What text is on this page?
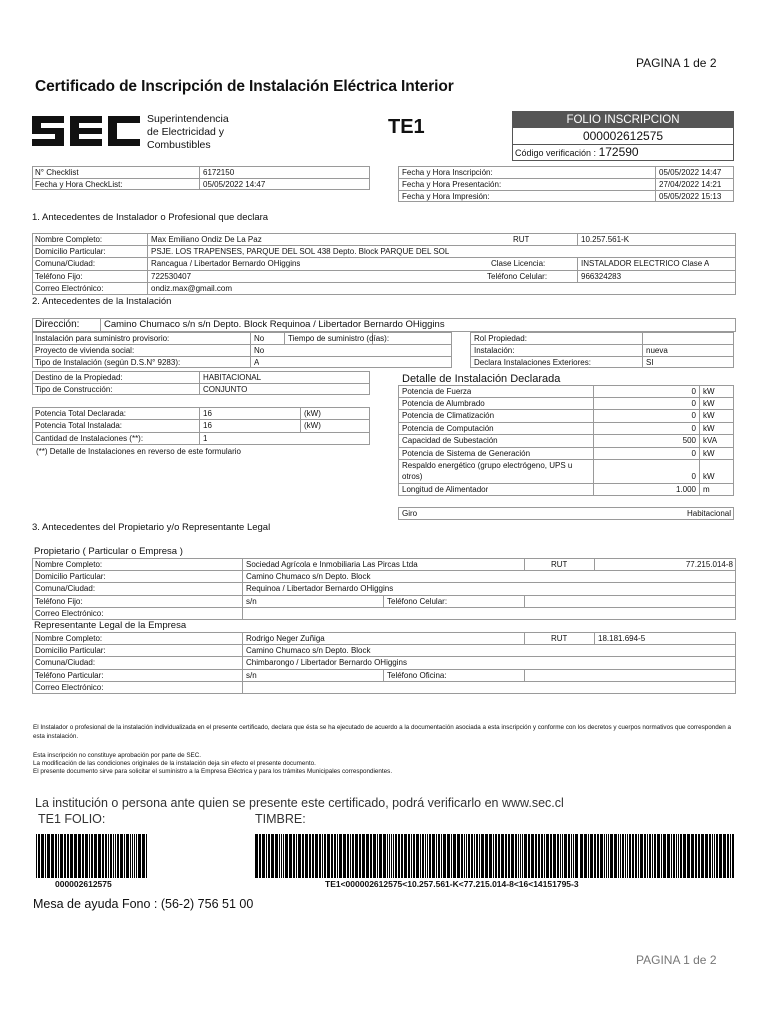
PAGINA 1 de 2
Certificado de Inscripción de Instalación Eléctrica Interior
Superintendencia
de Electricidad y
Combustibles
TE1	FOLIO INSCRIPCION
000002612575
Código verificación : 172590
N° Checklist	6172150
Fecha y Hora CheckList:	05/05/2022 14:47
Fecha y Hora Inscripción:	05/05/2022 14:47
Fecha y Hora Presentación:	27/04/2022 14:21
Fecha y Hora Impresión:	05/05/2022 15:13
1. Antecedentes de Instalador o Profesional que declara
Nombre Completo:	Max Emiliano Ondiz De La Paz	RUT	10.257.561-K
Domicilio Particular:	PSJE. LOS TRAPENSES, PARQUE DEL SOL 438 Depto. Block PARQUE DEL SOL
Comuna/Ciudad:	Rancagua / Libertador Bernardo OHiggins	Clase Licencia:	INSTALADOR ELECTRICO Clase A
Teléfono Fijo:	722530407	Teléfono Celular:	966324283
Correo Electrónico:	ondiz.max@gmail.com
2. Antecedentes de la Instalación
Dirección:	Camino Chumaco s/n s/n Depto. Block Requinoa / Libertador Bernardo OHiggins
Instalación para suministro provisorio:	No	Tiempo de suministro (días):
Proyecto de vivienda social:	No
Tipo de Instalación (según D.S.N° 9283):	A
Rol Propiedad:
Instalación:	nueva
Declara Instalaciones Exteriores:	SI
Destino de la Propiedad:	HABITACIONAL
Tipo de Construcción:	CONJUNTO
Potencia Total Declarada:	16	(kW)
Potencia Total Instalada:	16	(kW)
Cantidad de Instalaciones (**):	1
(**) Detalle de Instalaciones en reverso de este formulario
Detalle de Instalación Declarada
Potencia de Fuerza	0 kW
Potencia de Alumbrado	0 kW
Potencia de Climatización	0 kW
Potencia de Computación	0 kW
Capacidad de Subestación	500 kVA
Potencia de Sistema de Generación	0 kW
Respaldo energético (grupo electrógeno, UPS u otros)	0 kW
Longitud de Alimentador	1.000 m
Giro	Habitacional
3. Antecedentes del Propietario y/o Representante Legal
Propietario ( Particular o Empresa )
Nombre Completo:	Sociedad Agrícola e Inmobiliaria Las Pircas Ltda	RUT	77.215.014-8
Domicilio Particular:	Camino Chumaco s/n Depto. Block
Comuna/Ciudad:	Requinoa / Libertador Bernardo OHiggins
Teléfono Fijo:	s/n	Teléfono Celular:
Correo Electrónico:
Representante Legal de la Empresa
Nombre Completo:	Rodrigo Neger Zuñiga	RUT	18.181.694-5
Domicilio Particular:	Camino Chumaco s/n Depto. Block
Comuna/Ciudad:	Chimbarongo / Libertador Bernardo OHiggins
Teléfono Particular:	s/n	Teléfono Oficina:
Correo Electrónico:
El Instalador o profesional de la instalación individualizada en el presente certificado, declara que ésta se ha ejecutado de acuerdo a la documentación asociada a esta inscripción y conforme con los decretos y cuerpos normativos que corresponden a esta instalación.
Esta inscripción no constituye aprobación por parte de SEC.
La modificación de las condiciones originales de la instalación deja sin efecto el presente documento.
El presente documento sirve para solicitar el suministro a la Empresa Eléctrica y para los trámites Municipales correspondientes.
La institución o persona ante quien se presente este certificado, podrá verificarlo en www.sec.cl
TE1 FOLIO:	TIMBRE:
000002612575	TE1<000002612575<10.257.561-K<77.215.014-8<16<14151795-3
Mesa de ayuda Fono : (56-2) 756 51 00
PAGINA 1 de 2
